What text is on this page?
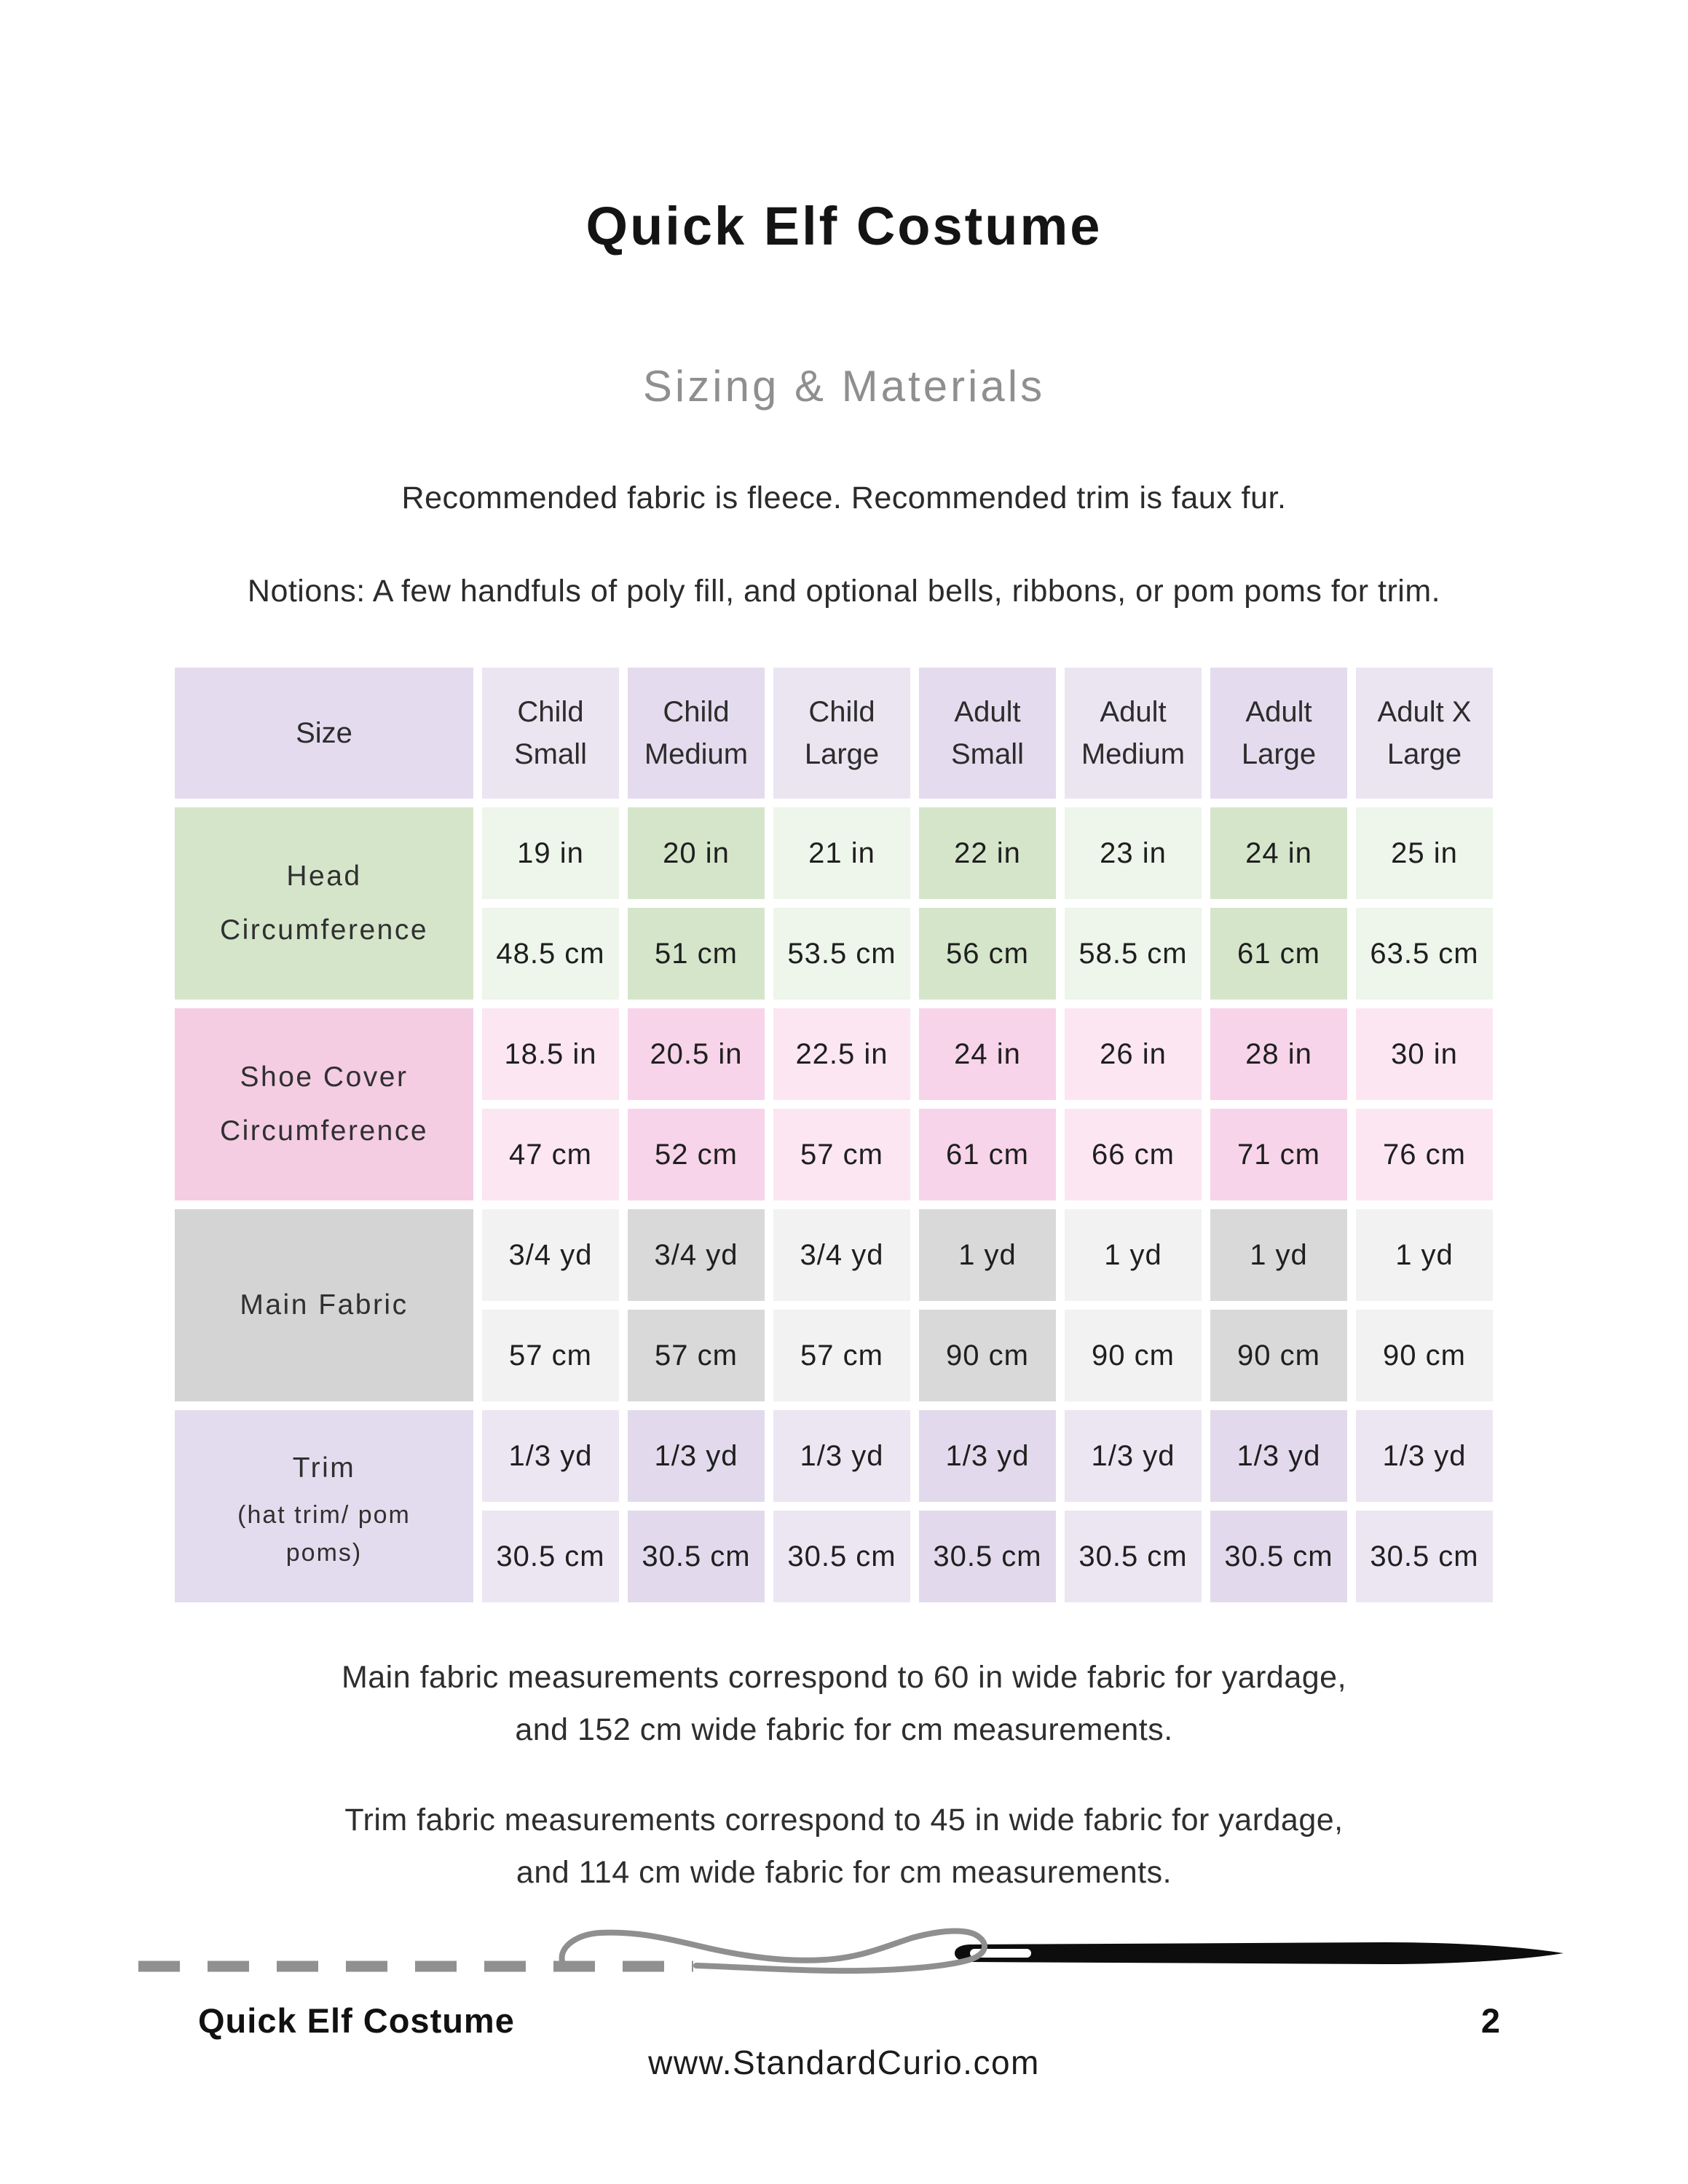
Quick Elf Costume
Sizing & Materials
Recommended fabric is fleece. Recommended trim is faux fur.
Notions: A few handfuls of poly fill, and optional bells, ribbons, or pom poms for trim.
Size	Child Small	Child Medium	Child Large	Adult Small	Adult Medium	Adult Large	Adult X Large

Head
Circumference	19 in	20 in	21 in	22 in	23 in	24 in	25 in
	48.5 cm	51 cm	53.5 cm	56 cm	58.5 cm	61 cm	63.5 cm

Shoe Cover
Circumference	18.5 in	20.5 in	22.5 in	24 in	26 in	28 in	30 in
	47 cm	52 cm	57 cm	61 cm	66 cm	71 cm	76 cm

Main Fabric	3/4 yd	3/4 yd	3/4 yd	1 yd	1 yd	1 yd	1 yd
	57 cm	57 cm	57 cm	90 cm	90 cm	90 cm	90 cm

Trim
(hat trim/ pom
poms)	1/3 yd	1/3 yd	1/3 yd	1/3 yd	1/3 yd	1/3 yd	1/3 yd
	30.5 cm	30.5 cm	30.5 cm	30.5 cm	30.5 cm	30.5 cm	30.5 cm
Main fabric measurements correspond to 60 in wide fabric for yardage,
and 152 cm wide fabric for cm measurements.
Trim fabric measurements correspond to 45 in wide fabric for yardage,
and 114 cm wide fabric for cm measurements.
Quick Elf Costume	2
www.StandardCurio.com
